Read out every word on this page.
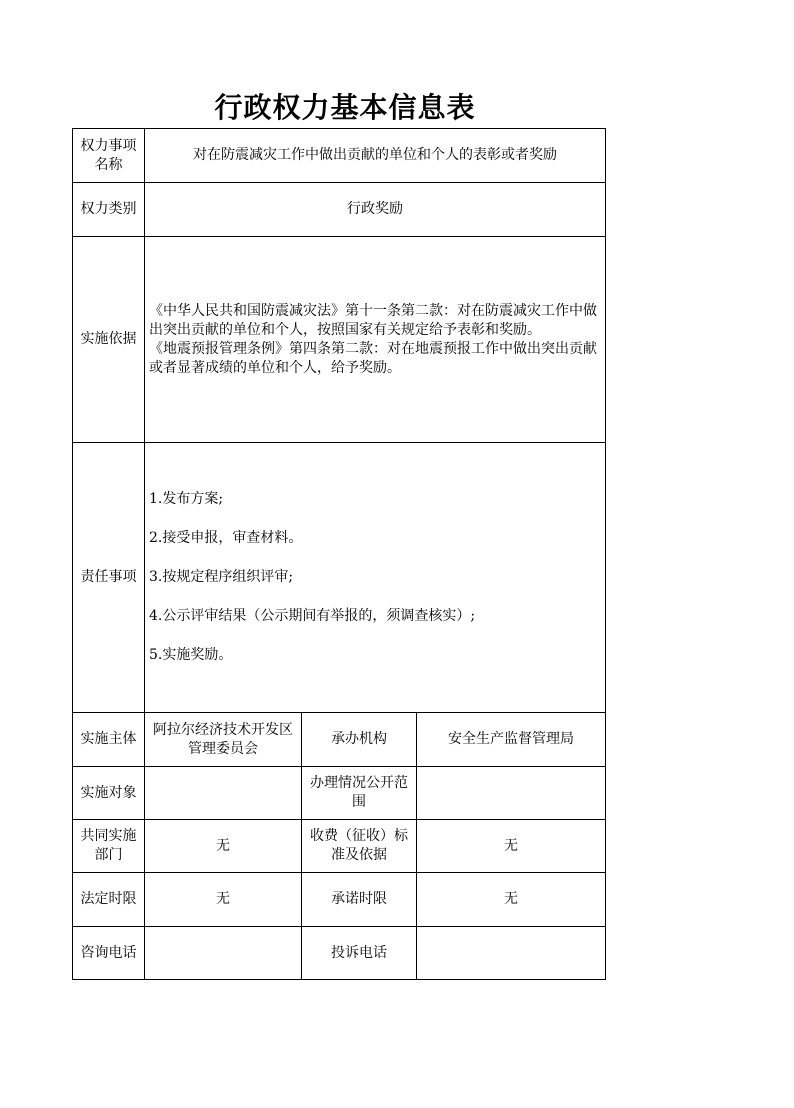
行政权力基本信息表
权力事项名称	对在防震减灾工作中做出贡献的单位和个人的表彰或者奖励		
权力类别	行政奖励		
实施依据	《中华人民共和国防震减灾法》第十一条第二款：对在防震减灾工作中做出突出贡献的单位和个人，按照国家有关规定给予表彰和奖励。

《地震预报管理条例》第四条第二款：对在地震预报工作中做出突出贡献或者显著成绩的单位和个人，给予奖励。		

责任事项	1.发布方案;
2.接受申报，审查材料。
3.按规定程序组织评审;
4.公示评审结果（公示期间有举报的，须调查核实）;
5.实施奖励。		

实施主体	阿拉尔经济技术开发区管理委员会	承办机构	安全生产监督管理局
实施对象		办理情况公开范围	
共同实施部门	无	收费（征收）标准及依据	无
法定时限	无	承诺时限	无
咨询电话		投诉电话	
